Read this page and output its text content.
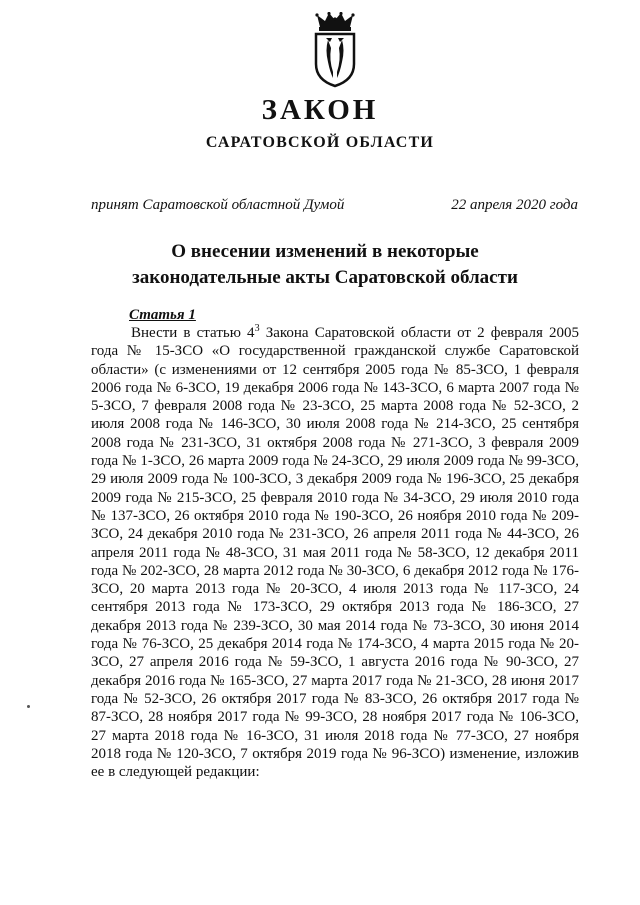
ЗАКОН
САРАТОВСКОЙ ОБЛАСТИ
принят Саратовской областной Думой	22 апреля 2020 года
О внесении изменений в некоторые законодательные акты Саратовской области
Статья 1

Внести в статью $4^3$ Закона Саратовской области от 2 февраля 2005 года № 15-ЗСО «О государственной гражданской службе Саратовской области» (с изменениями от 12 сентября 2005 года № 85-ЗСО, 1 февраля 2006 года № 6-ЗСО, 19 декабря 2006 года № 143-ЗСО, 6 марта 2007 года № 5-ЗСО, 7 февраля 2008 года № 23-ЗСО, 25 марта 2008 года № 52-ЗСО, 2 июля 2008 года № 146-ЗСО, 30 июля 2008 года № 214-ЗСО, 25 сентября 2008 года № 231-ЗСО, 31 октября 2008 года № 271-ЗСО, 3 февраля 2009 года № 1-ЗСО, 26 марта 2009 года № 24-ЗСО, 29 июля 2009 года № 99-ЗСО, 29 июля 2009 года № 100-ЗСО, 3 декабря 2009 года № 196-ЗСО, 25 декабря 2009 года № 215-ЗСО, 25 февраля 2010 года № 34-ЗСО, 29 июля 2010 года № 137-ЗСО, 26 октября 2010 года № 190-ЗСО, 26 ноября 2010 года № 209-ЗСО, 24 декабря 2010 года № 231-ЗСО, 26 апреля 2011 года № 44-ЗСО, 26 апреля 2011 года № 48-ЗСО, 31 мая 2011 года № 58-ЗСО, 12 декабря 2011 года № 202-ЗСО, 28 марта 2012 года № 30-ЗСО, 6 декабря 2012 года № 176-ЗСО, 20 марта 2013 года № 20-ЗСО, 4 июля 2013 года № 117-ЗСО, 24 сентября 2013 года № 173-ЗСО, 29 октября 2013 года № 186-ЗСО, 27 декабря 2013 года № 239-ЗСО, 30 мая 2014 года № 73-ЗСО, 30 июня 2014 года № 76-ЗСО, 25 декабря 2014 года № 174-ЗСО, 4 марта 2015 года № 20-ЗСО, 27 апреля 2016 года № 59-ЗСО, 1 августа 2016 года № 90-ЗСО, 27 декабря 2016 года № 165-ЗСО, 27 марта 2017 года № 21-ЗСО, 28 июня 2017 года № 52-ЗСО, 26 октября 2017 года № 83-ЗСО, 26 октября 2017 года № 87-ЗСО, 28 ноября 2017 года № 99-ЗСО, 28 ноября 2017 года № 106-ЗСО, 27 марта 2018 года № 16-ЗСО, 31 июля 2018 года № 77-ЗСО, 27 ноября 2018 года № 120-ЗСО, 7 октября 2019 года № 96-ЗСО) изменение, изложив ее в следующей редакции:
